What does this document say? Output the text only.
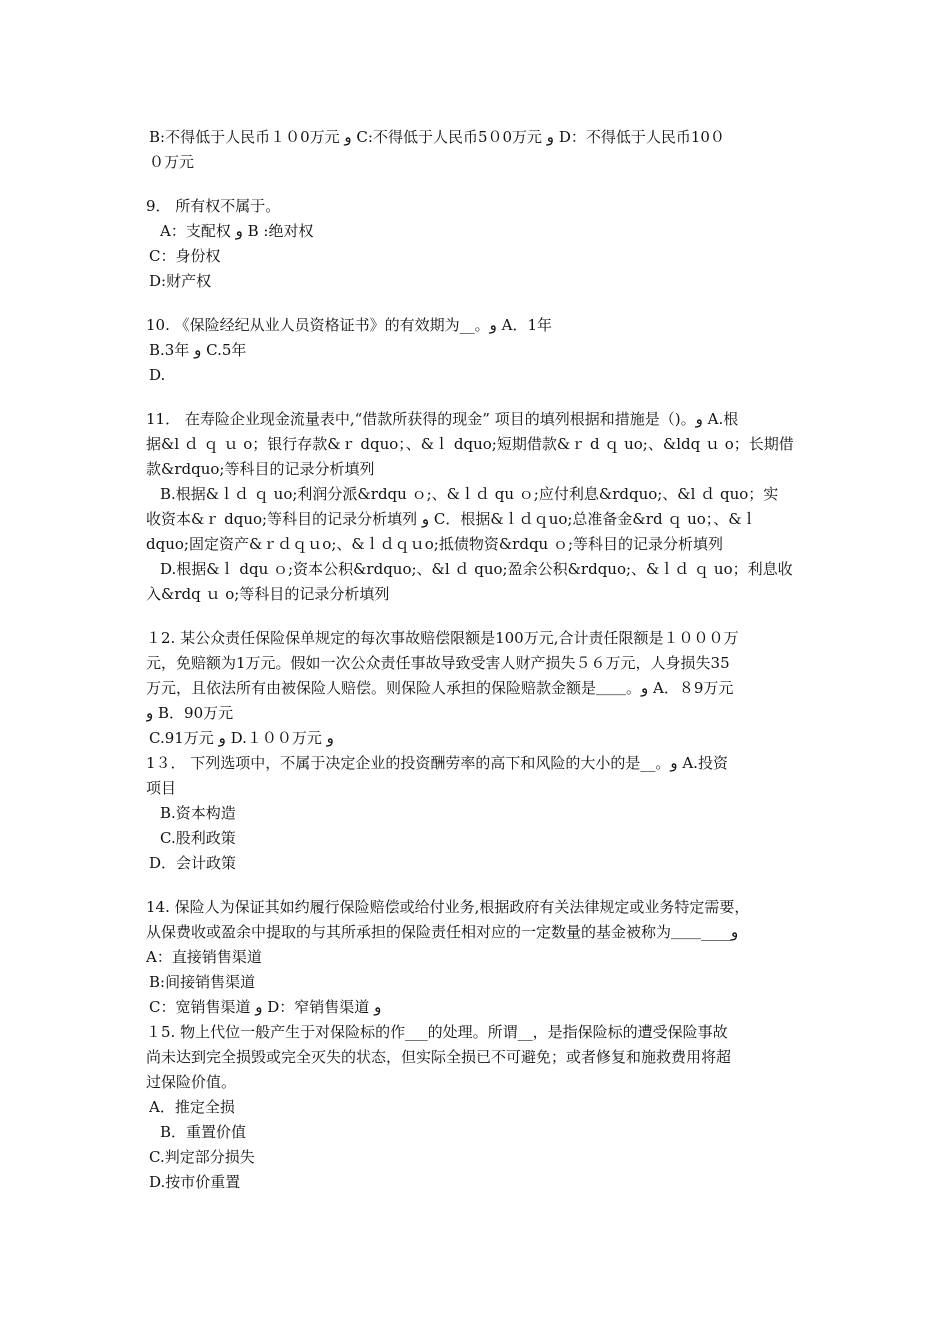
B:不得低于人民币１０0万元 و C:不得低于人民币5０0万元 و D：不得低于人民币10０
０万元
9． 所有权不属于。
A：支配权 و B :绝对权
C：身份权
D:财产权
10. 《保险经纪从业人员资格证书》的有效期为__。و A．1年
B.3年 و C.5年
D.
11． 在寿险企业现金流量表中,“借款所获得的现金” 项目的填列根据和措施是（)。و A.根
据&l ｄ ｑ ｕ o；银行存款&ｒ dquo；、&ｌ dquo;短期借款&ｒ d ｑ uo;、&ldq ｕ o；长期借
款&rdquo;等科目的记录分析填列
B.根据&ｌｄ ｑ uo;利润分派&rdqu ｏ;、&ｌｄ qu ｏ;应付利息&rdquo;、&l ｄ quo；实
收资本&ｒ dquo;等科目的记录分析填列 و C．根据&ｌｄｑuo;总准备金&rd ｑ uo；、&ｌ
dquo;固定资产&ｒｄｑｕo;、&ｌｄｑｕo;抵债物资&rdqu ｏ;等科目的记录分析填列
D.根据&ｌ dqu ｏ;资本公积&rdquo;、&l ｄ quo;盈余公积&rdquo;、&ｌｄ ｑ uo；利息收
入&rdq ｕ o;等科目的记录分析填列
１2. 某公众责任保险保单规定的每次事故赔偿限额是100万元,合计责任限额是１０００万
元，免赔额为1万元。假如一次公众责任事故导致受害人财产损失５６万元，人身损失35
万元，且依法所有由被保险人赔偿。则保险人承担的保险赔款金额是＿＿。و A．８9万元
و B．90万元
C.91万元 و D.１００万元 و
1３． 下列选项中，不属于决定企业的投资酬劳率的高下和风险的大小的是__。و A.投资
项目
B.资本构造
C.股利政策
D．会计政策
14. 保险人为保证其如约履行保险赔偿或给付业务,根据政府有关法律规定或业务特定需要，
从保费收或盈余中提取的与其所承担的保险责任相对应的一定数量的基金被称为＿＿____و
A：直接销售渠道
B:间接销售渠道
C：宽销售渠道 و D：窄销售渠道 و
１5. 物上代位一般产生于对保险标的作___的处理。所谓__，是指保险标的遭受保险事故
尚未达到完全损毁或完全灭失的状态，但实际全损已不可避免；或者修复和施救费用将超
过保险价值。
A．推定全损
B．重置价值
C.判定部分损失
D.按市价重置
